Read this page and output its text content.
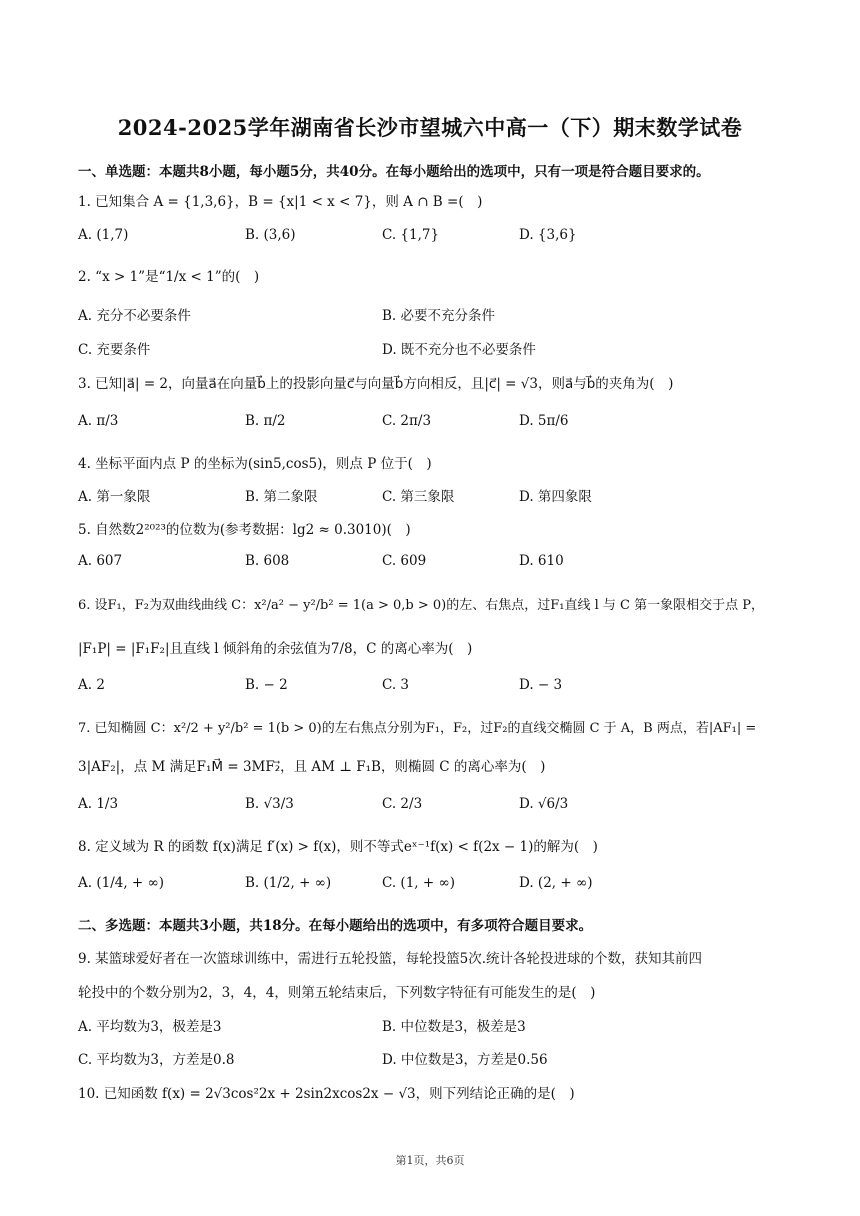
2024-2025学年湖南省长沙市望城六中高一（下）期末数学试卷
一、单选题：本题共8小题，每小题5分，共40分。在每小题给出的选项中，只有一项是符合题目要求的。
1. 已知集合 A = {1,3,6}，B = {x|1 < x < 7}，则 A ∩ B =(　)
A. (1,7)	B. (3,6)	C. {1,7}	D. {3,6}
2. “x > 1”是“1/x < 1”的(　)
A. 充分不必要条件	B. 必要不充分条件
C. 充要条件	D. 既不充分也不必要条件
3. 已知|a⃗| = 2，向量a⃗在向量b⃗上的投影向量c⃗与向量b⃗方向相反，且|c⃗| = √3，则a⃗与b⃗的夹角为(　)
A. π/3	B. π/2	C. 2π/3	D. 5π/6
4. 坐标平面内点 P 的坐标为(sin5,cos5)，则点 P 位于(　)
A. 第一象限	B. 第二象限	C. 第三象限	D. 第四象限
5. 自然数2²⁰²³的位数为(参考数据：lg2 ≈ 0.3010)(　)
A. 607	B. 608	C. 609	D. 610
6. 设F₁，F₂为双曲线曲线 C：x²/a² − y²/b² = 1(a > 0,b > 0)的左、右焦点，过F₁直线 l 与 C 第一象限相交于点 P，
|F₁P| = |F₁F₂|且直线 l 倾斜角的余弦值为7/8，C 的离心率为(　)
A. 2	B. − 2	C. 3	D. − 3
7. 已知椭圆 C：x²/2 + y²/b² = 1(b > 0)的左右焦点分别为F₁，F₂，过F₂的直线交椭圆 C 于 A，B 两点，若|AF₁| =
3|AF₂|，点 M 满足F₁M⃗ = 3MF₂⃗，且 AM ⊥ F₁B，则椭圆 C 的离心率为(　)
A. 1/3	B. √3/3	C. 2/3	D. √6/3
8. 定义域为 R 的函数 f(x)满足 f′(x) > f(x)，则不等式eˣ⁻¹f(x) < f(2x − 1)的解为(　)
A. (1/4, + ∞)	B. (1/2, + ∞)	C. (1, + ∞)	D. (2, + ∞)
二、多选题：本题共3小题，共18分。在每小题给出的选项中，有多项符合题目要求。
9. 某篮球爱好者在一次篮球训练中，需进行五轮投篮，每轮投篮5次.统计各轮投进球的个数，获知其前四
轮投中的个数分别为2，3，4，4，则第五轮结束后，下列数字特征有可能发生的是(　)
A. 平均数为3，极差是3	B. 中位数是3，极差是3
C. 平均数为3，方差是0.8	D. 中位数是3，方差是0.56
10. 已知函数 f(x) = 2√3cos²2x + 2sin2xcos2x − √3，则下列结论正确的是(　)
第1页，共6页
